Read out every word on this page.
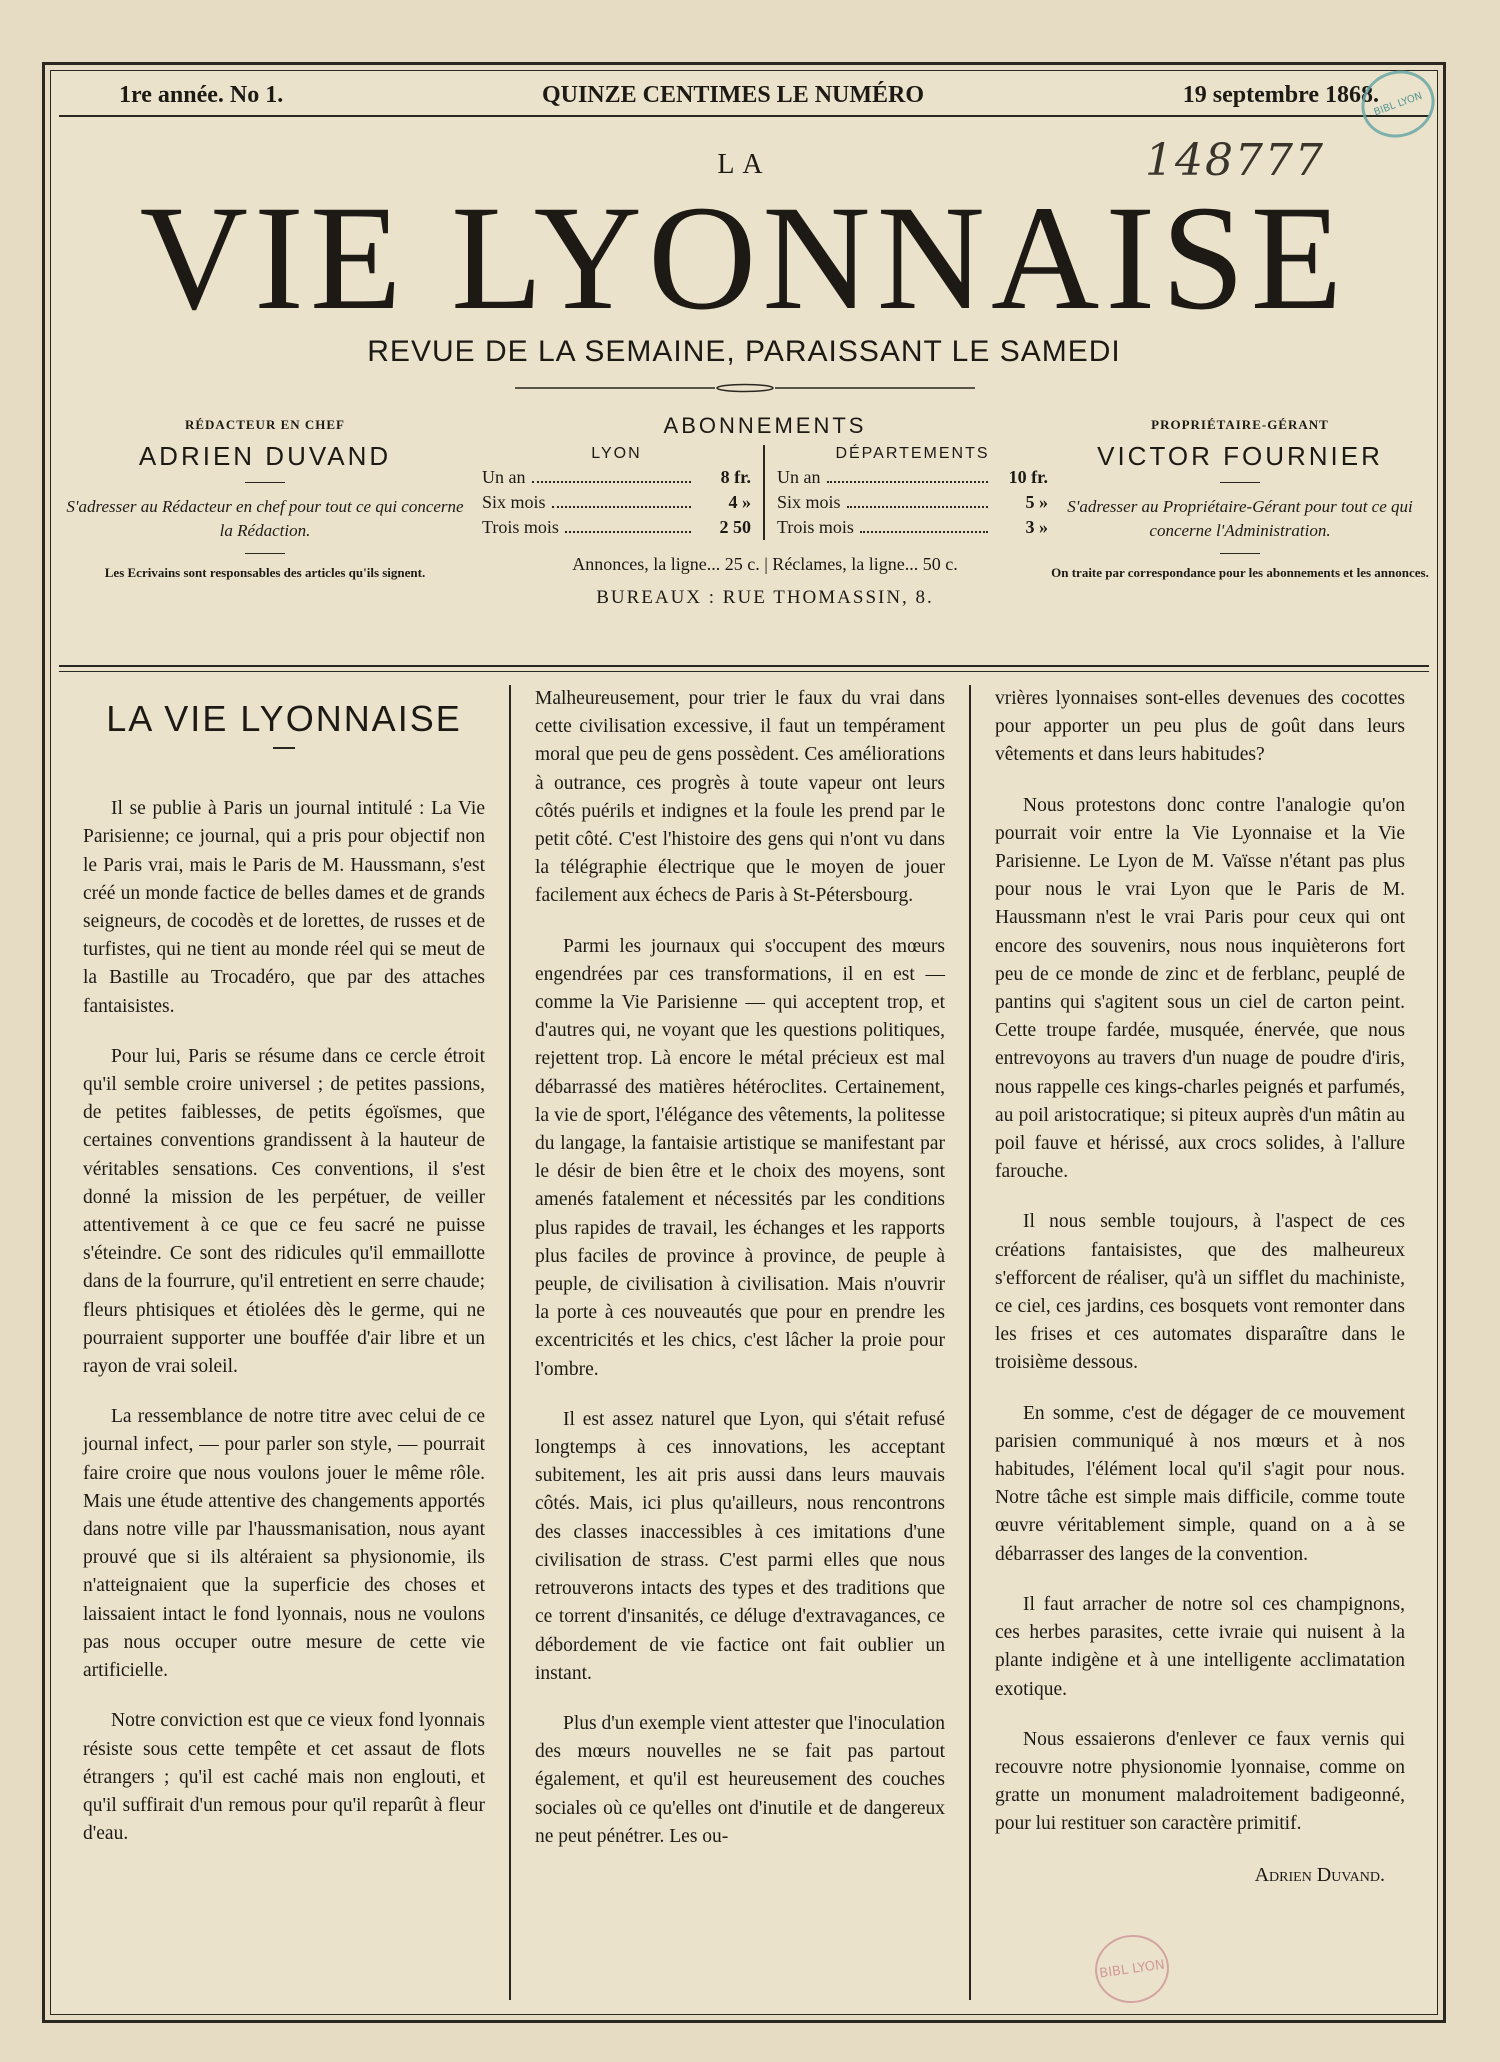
1re année. No 1.	QUINZE CENTIMES LE NUMÉRO	19 septembre 1868.
BIBL LYON
148777
LA
VIE LYONNAISE
REVUE DE LA SEMAINE, PARAISSANT LE SAMEDI
RÉDACTEUR EN CHEF
ADRIEN DUVAND
S'adresser au Rédacteur en chef pour tout ce qui concerne la Rédaction.
Les Ecrivains sont responsables des articles qu'ils signent.
ABONNEMENTS
LYON
Un an	8 fr.
Six mois	4 »
Trois mois	2 50
DÉPARTEMENTS
Un an	10 fr.
Six mois	5 »
Trois mois	3 »
Annonces, la ligne... 25 c. | Réclames, la ligne... 50 c.
BUREAUX : RUE THOMASSIN, 8.
PROPRIÉTAIRE-GÉRANT
VICTOR FOURNIER
S'adresser au Propriétaire-Gérant pour tout ce qui concerne l'Administration.
On traite par correspondance pour les abonnements et les annonces.
LA VIE LYONNAISE

Il se publie à Paris un journal intitulé : La Vie Parisienne; ce journal, qui a pris pour objectif non le Paris vrai, mais le Paris de M. Haussmann, s'est créé un monde factice de belles dames et de grands seigneurs, de cocodès et de lorettes, de russes et de turfistes, qui ne tient au monde réel qui se meut de la Bastille au Trocadéro, que par des attaches fantaisistes.

Pour lui, Paris se résume dans ce cercle étroit qu'il semble croire universel ; de petites passions, de petites faiblesses, de petits égoïsmes, que certaines conventions grandissent à la hauteur de véritables sensations. Ces conventions, il s'est donné la mission de les perpétuer, de veiller attentivement à ce que ce feu sacré ne puisse s'éteindre. Ce sont des ridicules qu'il emmaillotte dans de la fourrure, qu'il entretient en serre chaude; fleurs phtisiques et étiolées dès le germe, qui ne pourraient supporter une bouffée d'air libre et un rayon de vrai soleil.

La ressemblance de notre titre avec celui de ce journal infect, — pour parler son style, — pourrait faire croire que nous voulons jouer le même rôle. Mais une étude attentive des changements apportés dans notre ville par l'haussmanisation, nous ayant prouvé que si ils altéraient sa physionomie, ils n'atteignaient que la superficie des choses et laissaient intact le fond lyonnais, nous ne voulons pas nous occuper outre mesure de cette vie artificielle.

Notre conviction est que ce vieux fond lyonnais résiste sous cette tempête et cet assaut de flots étrangers ; qu'il est caché mais non englouti, et qu'il suffirait d'un remous pour qu'il reparût à fleur d'eau.

Malheureusement, pour trier le faux du vrai dans cette civilisation excessive, il faut un tempérament moral que peu de gens possèdent. Ces améliorations à outrance, ces progrès à toute vapeur ont leurs côtés puérils et indignes et la foule les prend par le petit côté. C'est l'histoire des gens qui n'ont vu dans la télégraphie électrique que le moyen de jouer facilement aux échecs de Paris à St-Pétersbourg.

Parmi les journaux qui s'occupent des mœurs engendrées par ces transformations, il en est — comme la Vie Parisienne — qui acceptent trop, et d'autres qui, ne voyant que les questions politiques, rejettent trop. Là encore le métal précieux est mal débarrassé des matières hétéroclites. Certainement, la vie de sport, l'élégance des vêtements, la politesse du langage, la fantaisie artistique se manifestant par le désir de bien être et le choix des moyens, sont amenés fatalement et nécessités par les conditions plus rapides de travail, les échanges et les rapports plus faciles de province à province, de peuple à peuple, de civilisation à civilisation. Mais n'ouvrir la porte à ces nouveautés que pour en prendre les excentricités et les chics, c'est lâcher la proie pour l'ombre.

Il est assez naturel que Lyon, qui s'était refusé longtemps à ces innovations, les acceptant subitement, les ait pris aussi dans leurs mauvais côtés. Mais, ici plus qu'ailleurs, nous rencontrons des classes inaccessibles à ces imitations d'une civilisation de strass. C'est parmi elles que nous retrouverons intacts des types et des traditions que ce torrent d'insanités, ce déluge d'extravagances, ce débordement de vie factice ont fait oublier un instant.

Plus d'un exemple vient attester que l'inoculation des mœurs nouvelles ne se fait pas partout également, et qu'il est heureusement des couches sociales où ce qu'elles ont d'inutile et de dangereux ne peut pénétrer. Les ou-

vrières lyonnaises sont-elles devenues des cocottes pour apporter un peu plus de goût dans leurs vêtements et dans leurs habitudes?

Nous protestons donc contre l'analogie qu'on pourrait voir entre la Vie Lyonnaise et la Vie Parisienne. Le Lyon de M. Vaïsse n'étant pas plus pour nous le vrai Lyon que le Paris de M. Haussmann n'est le vrai Paris pour ceux qui ont encore des souvenirs, nous nous inquièterons fort peu de ce monde de zinc et de ferblanc, peuplé de pantins qui s'agitent sous un ciel de carton peint. Cette troupe fardée, musquée, énervée, que nous entrevoyons au travers d'un nuage de poudre d'iris, nous rappelle ces kings-charles peignés et parfumés, au poil aristocratique; si piteux auprès d'un mâtin au poil fauve et hérissé, aux crocs solides, à l'allure farouche.

Il nous semble toujours, à l'aspect de ces créations fantaisistes, que des malheureux s'efforcent de réaliser, qu'à un sifflet du machiniste, ce ciel, ces jardins, ces bosquets vont remonter dans les frises et ces automates disparaître dans le troisième dessous.

En somme, c'est de dégager de ce mouvement parisien communiqué à nos mœurs et à nos habitudes, l'élément local qu'il s'agit pour nous. Notre tâche est simple mais difficile, comme toute œuvre véritablement simple, quand on a à se débarrasser des langes de la convention.

Il faut arracher de notre sol ces champignons, ces herbes parasites, cette ivraie qui nuisent à la plante indigène et à une intelligente acclimatation exotique.

Nous essaierons d'enlever ce faux vernis qui recouvre notre physionomie lyonnaise, comme on gratte un monument maladroitement badigeonné, pour lui restituer son caractère primitif.

Adrien Duvand.
BIBL LYON
